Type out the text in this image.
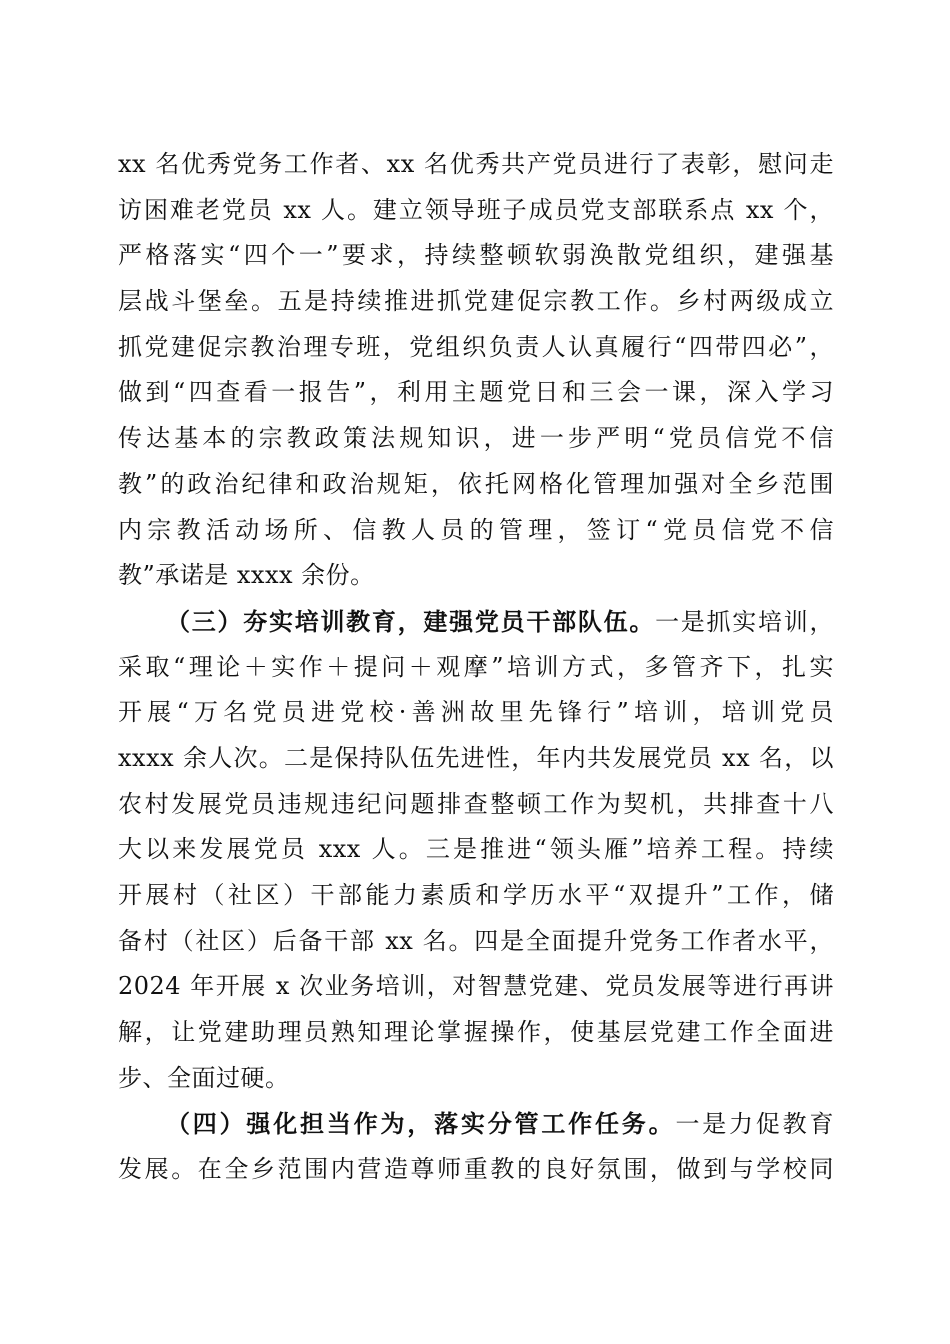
xx 名优秀党务工作者、xx 名优秀共产党员进行了表彰，慰问走
访困难老党员 xx 人。建立领导班子成员党支部联系点 xx 个，
严格落实“四个一”要求，持续整顿软弱涣散党组织，建强基
层战斗堡垒。五是持续推进抓党建促宗教工作。乡村两级成立
抓党建促宗教治理专班，党组织负责人认真履行“四带四必”，
做到“四查看一报告”，利用主题党日和三会一课，深入学习
传达基本的宗教政策法规知识，进一步严明“党员信党不信
教”的政治纪律和政治规矩，依托网格化管理加强对全乡范围
内宗教活动场所、信教人员的管理，签订“党员信党不信
教”承诺是 xxxx 余份。
（三）夯实培训教育，建强党员干部队伍。一是抓实培训，
采取“理论＋实作＋提问＋观摩”培训方式，多管齐下，扎实
开展“万名党员进党校·善洲故里先锋行”培训，培训党员
xxxx 余人次。二是保持队伍先进性，年内共发展党员 xx 名，以
农村发展党员违规违纪问题排查整顿工作为契机，共排查十八
大以来发展党员 xxx 人。三是推进“领头雁”培养工程。持续
开展村（社区）干部能力素质和学历水平“双提升”工作，储
备村（社区）后备干部 xx 名。四是全面提升党务工作者水平，
2024 年开展 x 次业务培训，对智慧党建、党员发展等进行再讲
解，让党建助理员熟知理论掌握操作，使基层党建工作全面进
步、全面过硬。
（四）强化担当作为，落实分管工作任务。一是力促教育
发展。在全乡范围内营造尊师重教的良好氛围，做到与学校同
